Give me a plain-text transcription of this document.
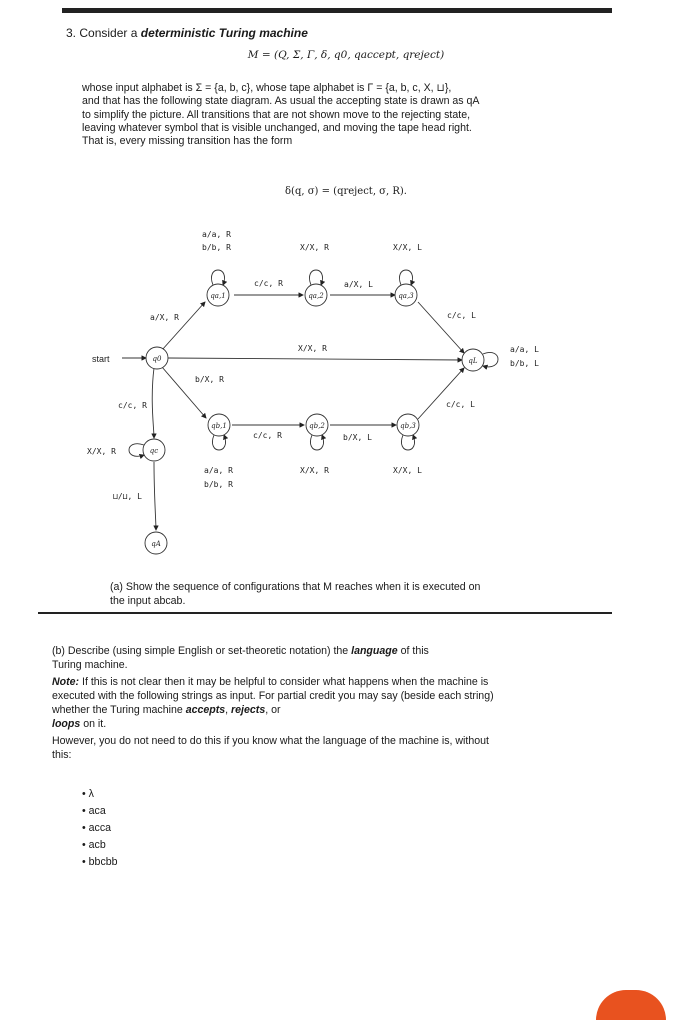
3. Consider a deterministic Turing machine
M = (Q, Σ, Γ, δ, q0, qaccept, qreject)
whose input alphabet is Σ = {a, b, c}, whose tape alphabet is Γ = {a, b, c, X, ⊔},
and that has the following state diagram. As usual the accepting state is drawn as qA
to simplify the picture. All transitions that are not shown move to the rejecting state,
leaving whatever symbol that is visible unchanged, and moving the tape head right.
That is, every missing transition has the form
δ(q, σ) = (qreject, σ, R).
q0
qa,1	qa,2	qa,3
qL
qb,1	qb,2	qb,3
qc
qA
start
a/a, R
b/b, R	X/X, R	X/X, L
a/X, R
c/c, R	a/X, L
c/c, L
X/X, R	a/a, L
b/b, L
b/X, R
c/c, L
c/c, R
c/c, R	b/X, L
X/X, R
a/a, R
b/b, R
X/X, R	X/X, L
⊔/⊔, L
(a) Show the sequence of configurations that M reaches when it is executed on
the input abcab.

(b) Describe (using simple English or set-theoretic notation) the language of this
Turing machine.

Note: If this is not clear then it may be helpful to consider what happens when the machine is executed with the following strings as input. For partial credit you may say (beside each string) whether the Turing machine accepts, rejects, or
loops on it.

However, you do not need to do this if you know what the language of the machine is, without this:

• λ
• aca
• acca
• acb
• bbcbb
